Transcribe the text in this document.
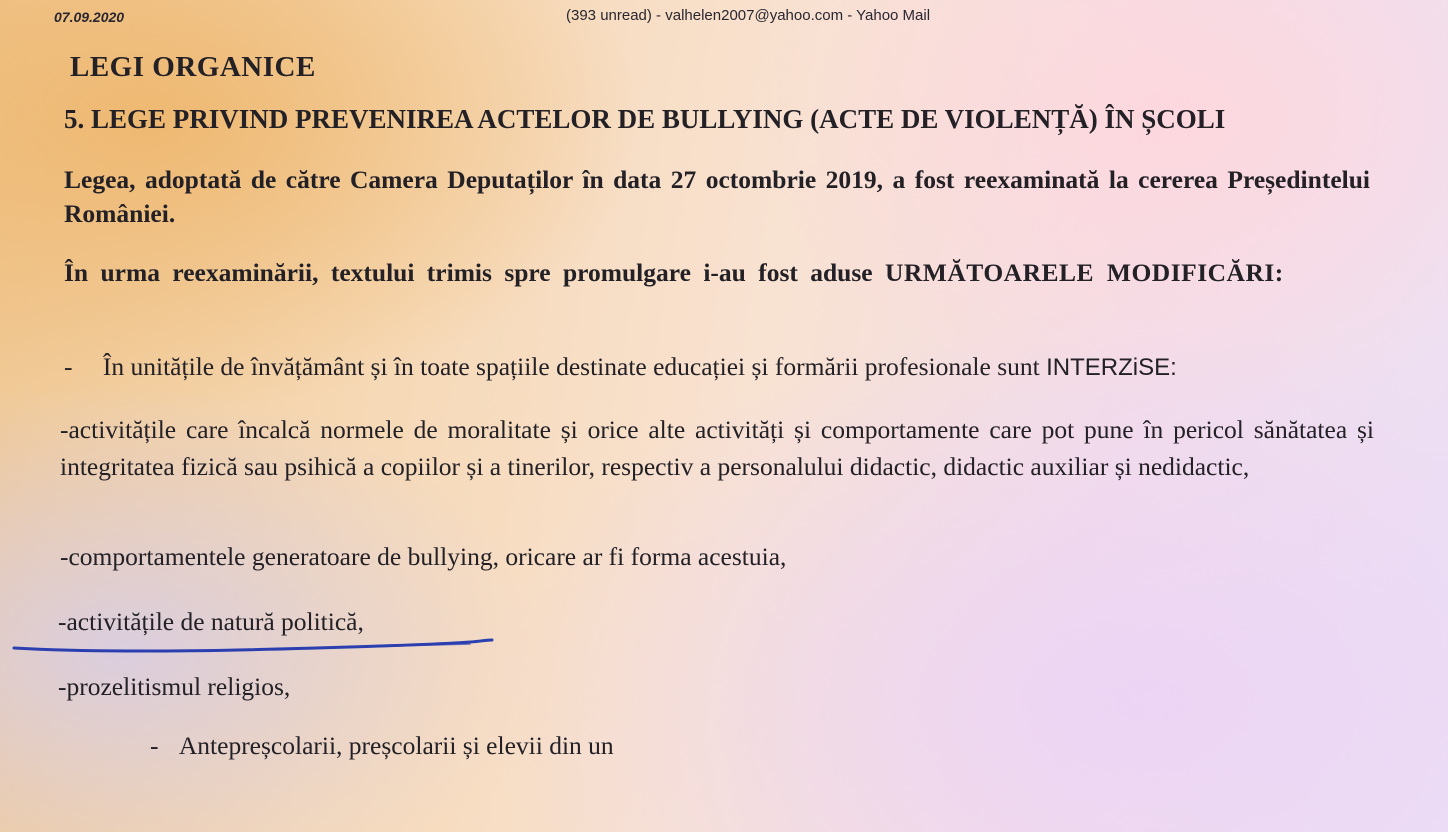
07.09.2020	(393 unread) - valhelen2007@yahoo.com - Yahoo Mail
LEGI ORGANICE
5. LEGE PRIVIND PREVENIREA ACTELOR DE BULLYING (ACTE DE VIOLENȚĂ) ÎN ȘCOLI
Legea, adoptată de către Camera Deputaților în data 27 octombrie 2019, a fost reexaminată la cererea Președintelui României.
În urma reexaminării, textului trimis spre promulgare i-au fost aduse URMĂTOARELE MODIFICĂRI:
- În unitățile de învățământ și în toate spațiile destinate educației și formării profesionale sunt INTERZiSE:
-activitățile care încalcă normele de moralitate și orice alte activități și comportamente care pot pune în pericol sănătatea și integritatea fizică sau psihică a copiilor și a tinerilor, respectiv a personalului didactic, didactic auxiliar și nedidactic,
-comportamentele generatoare de bullying, oricare ar fi forma acestuia,
-activitățile de natură politică,
-prozelitismul religios,
- Antepreșcolarii, preșcolarii și elevii din un
